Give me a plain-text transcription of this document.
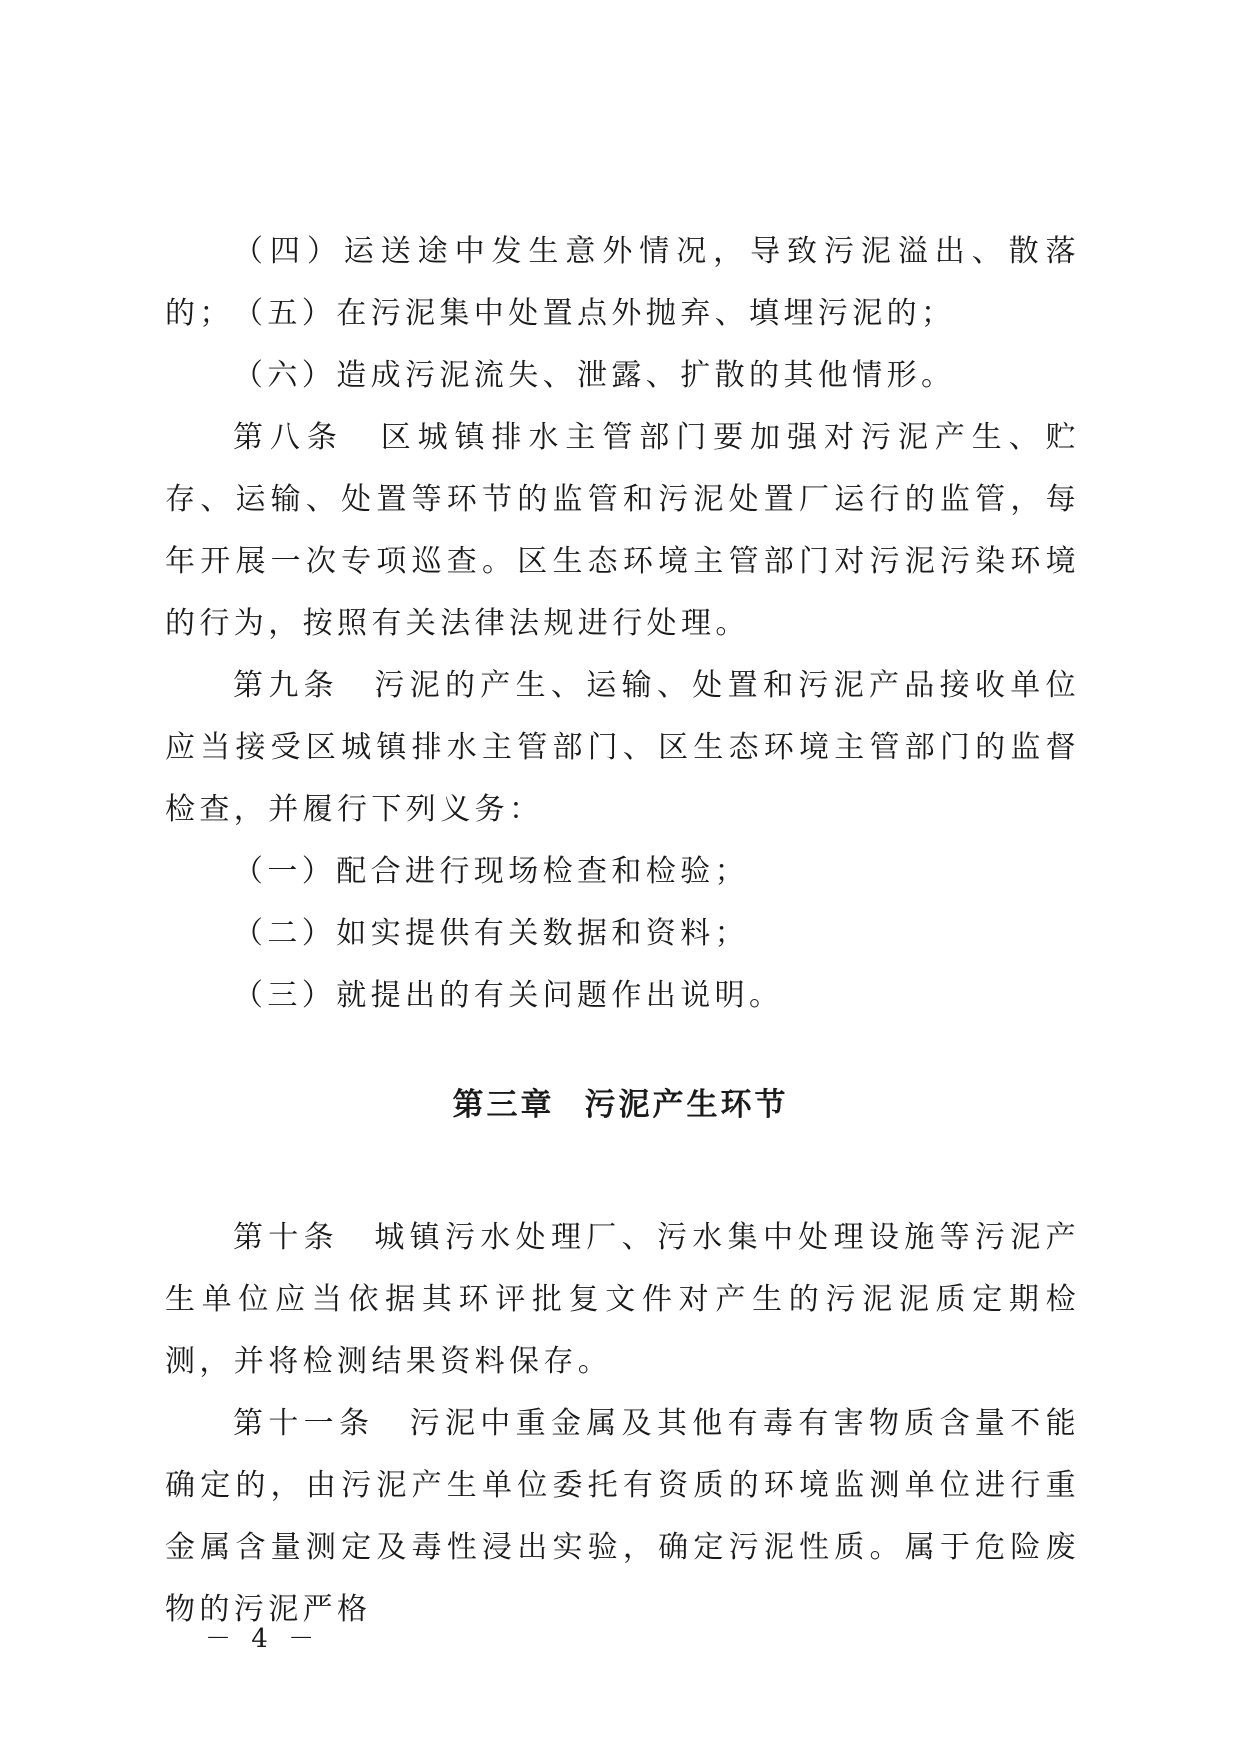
（四）运送途中发生意外情况，导致污泥溢出、散落的； （五）在污泥集中处置点外抛弃、填埋污泥的；

（六）造成污泥流失、泄露、扩散的其他情形。

第八条　区城镇排水主管部门要加强对污泥产生、贮存、运输、处置等环节的监管和污泥处置厂运行的监管，每年开展一次专项巡查。区生态环境主管部门对污泥污染环境的行为，按照有关法律法规进行处理。

第九条　污泥的产生、运输、处置和污泥产品接收单位应当接受区城镇排水主管部门、区生态环境主管部门的监督检查，并履行下列义务：

（一）配合进行现场检查和检验；

（二）如实提供有关数据和资料；

（三）就提出的有关问题作出说明。

第三章 污泥产生环节

第十条　城镇污水处理厂、污水集中处理设施等污泥产生单位应当依据其环评批复文件对产生的污泥泥质定期检测，并将检测结果资料保存。

第十一条　污泥中重金属及其他有毒有害物质含量不能确定的，由污泥产生单位委托有资质的环境监测单位进行重金属含量测定及毒性浸出实验，确定污泥性质。属于危险废物的污泥严格

－ 4 －
